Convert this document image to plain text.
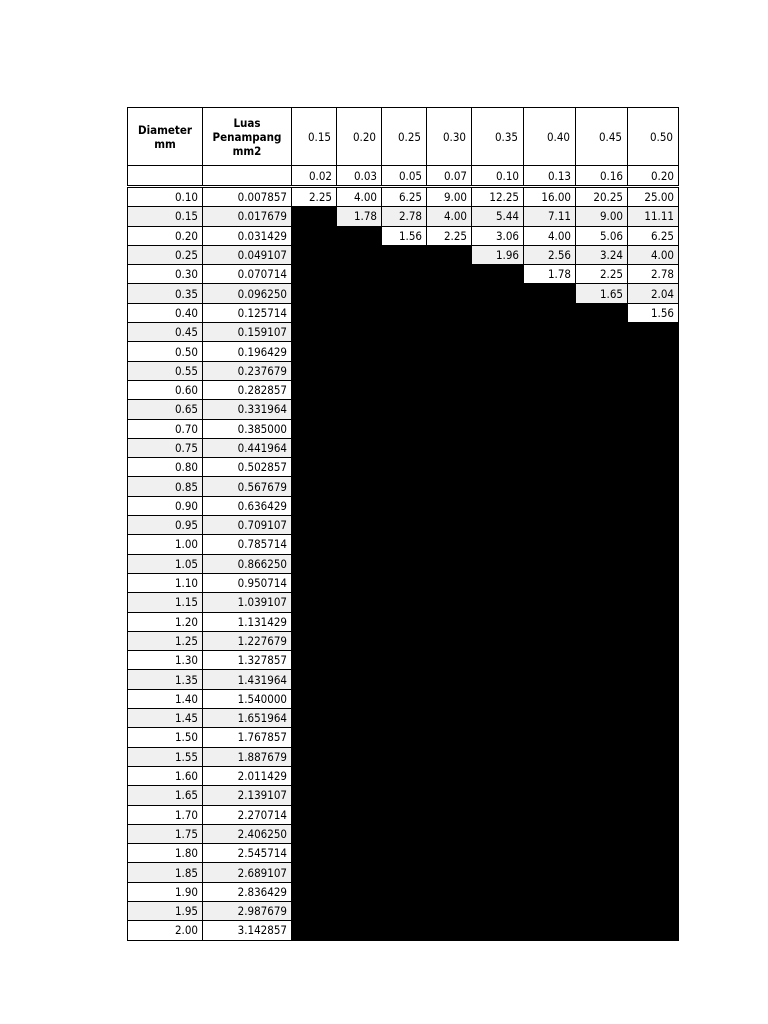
Diameter
mm	Luas
Penampang
mm2	0.15	0.20	0.25	0.30	0.35	0.40	0.45	0.50
		0.02	0.03	0.05	0.07	0.10	0.13	0.16	0.20
0.10	0.007857	2.25	4.00	6.25	9.00	12.25	16.00	20.25	25.00
0.15	0.017679		1.78	2.78	4.00	5.44	7.11	9.00	11.11
0.20	0.031429			1.56	2.25	3.06	4.00	5.06	6.25
0.25	0.049107					1.96	2.56	3.24	4.00
0.30	0.070714						1.78	2.25	2.78
0.35	0.096250							1.65	2.04
0.40	0.125714								1.56
0.45	0.159107								
0.50	0.196429								
0.55	0.237679								
0.60	0.282857								
0.65	0.331964								
0.70	0.385000								
0.75	0.441964								
0.80	0.502857								
0.85	0.567679								
0.90	0.636429								
0.95	0.709107								
1.00	0.785714								
1.05	0.866250								
1.10	0.950714								
1.15	1.039107								
1.20	1.131429								
1.25	1.227679								
1.30	1.327857								
1.35	1.431964								
1.40	1.540000								
1.45	1.651964								
1.50	1.767857								
1.55	1.887679								
1.60	2.011429								
1.65	2.139107								
1.70	2.270714								
1.75	2.406250								
1.80	2.545714								
1.85	2.689107								
1.90	2.836429								
1.95	2.987679								
2.00	3.142857								
